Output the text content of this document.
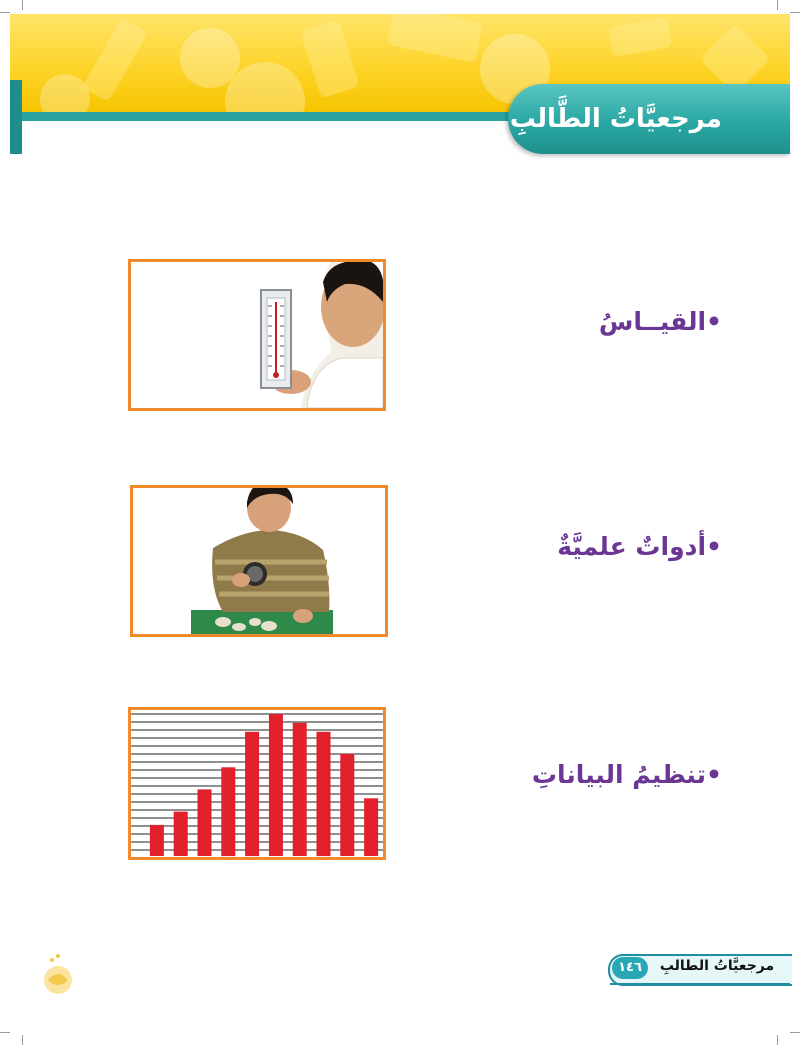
مرجعيَّاتُ الطَّالبِ
•القيــاسُ
•أدواتٌ علميَّةٌ
•تنظيمُ البياناتِ
١٤٦	مرجعيَّاتُ الطالبِ
